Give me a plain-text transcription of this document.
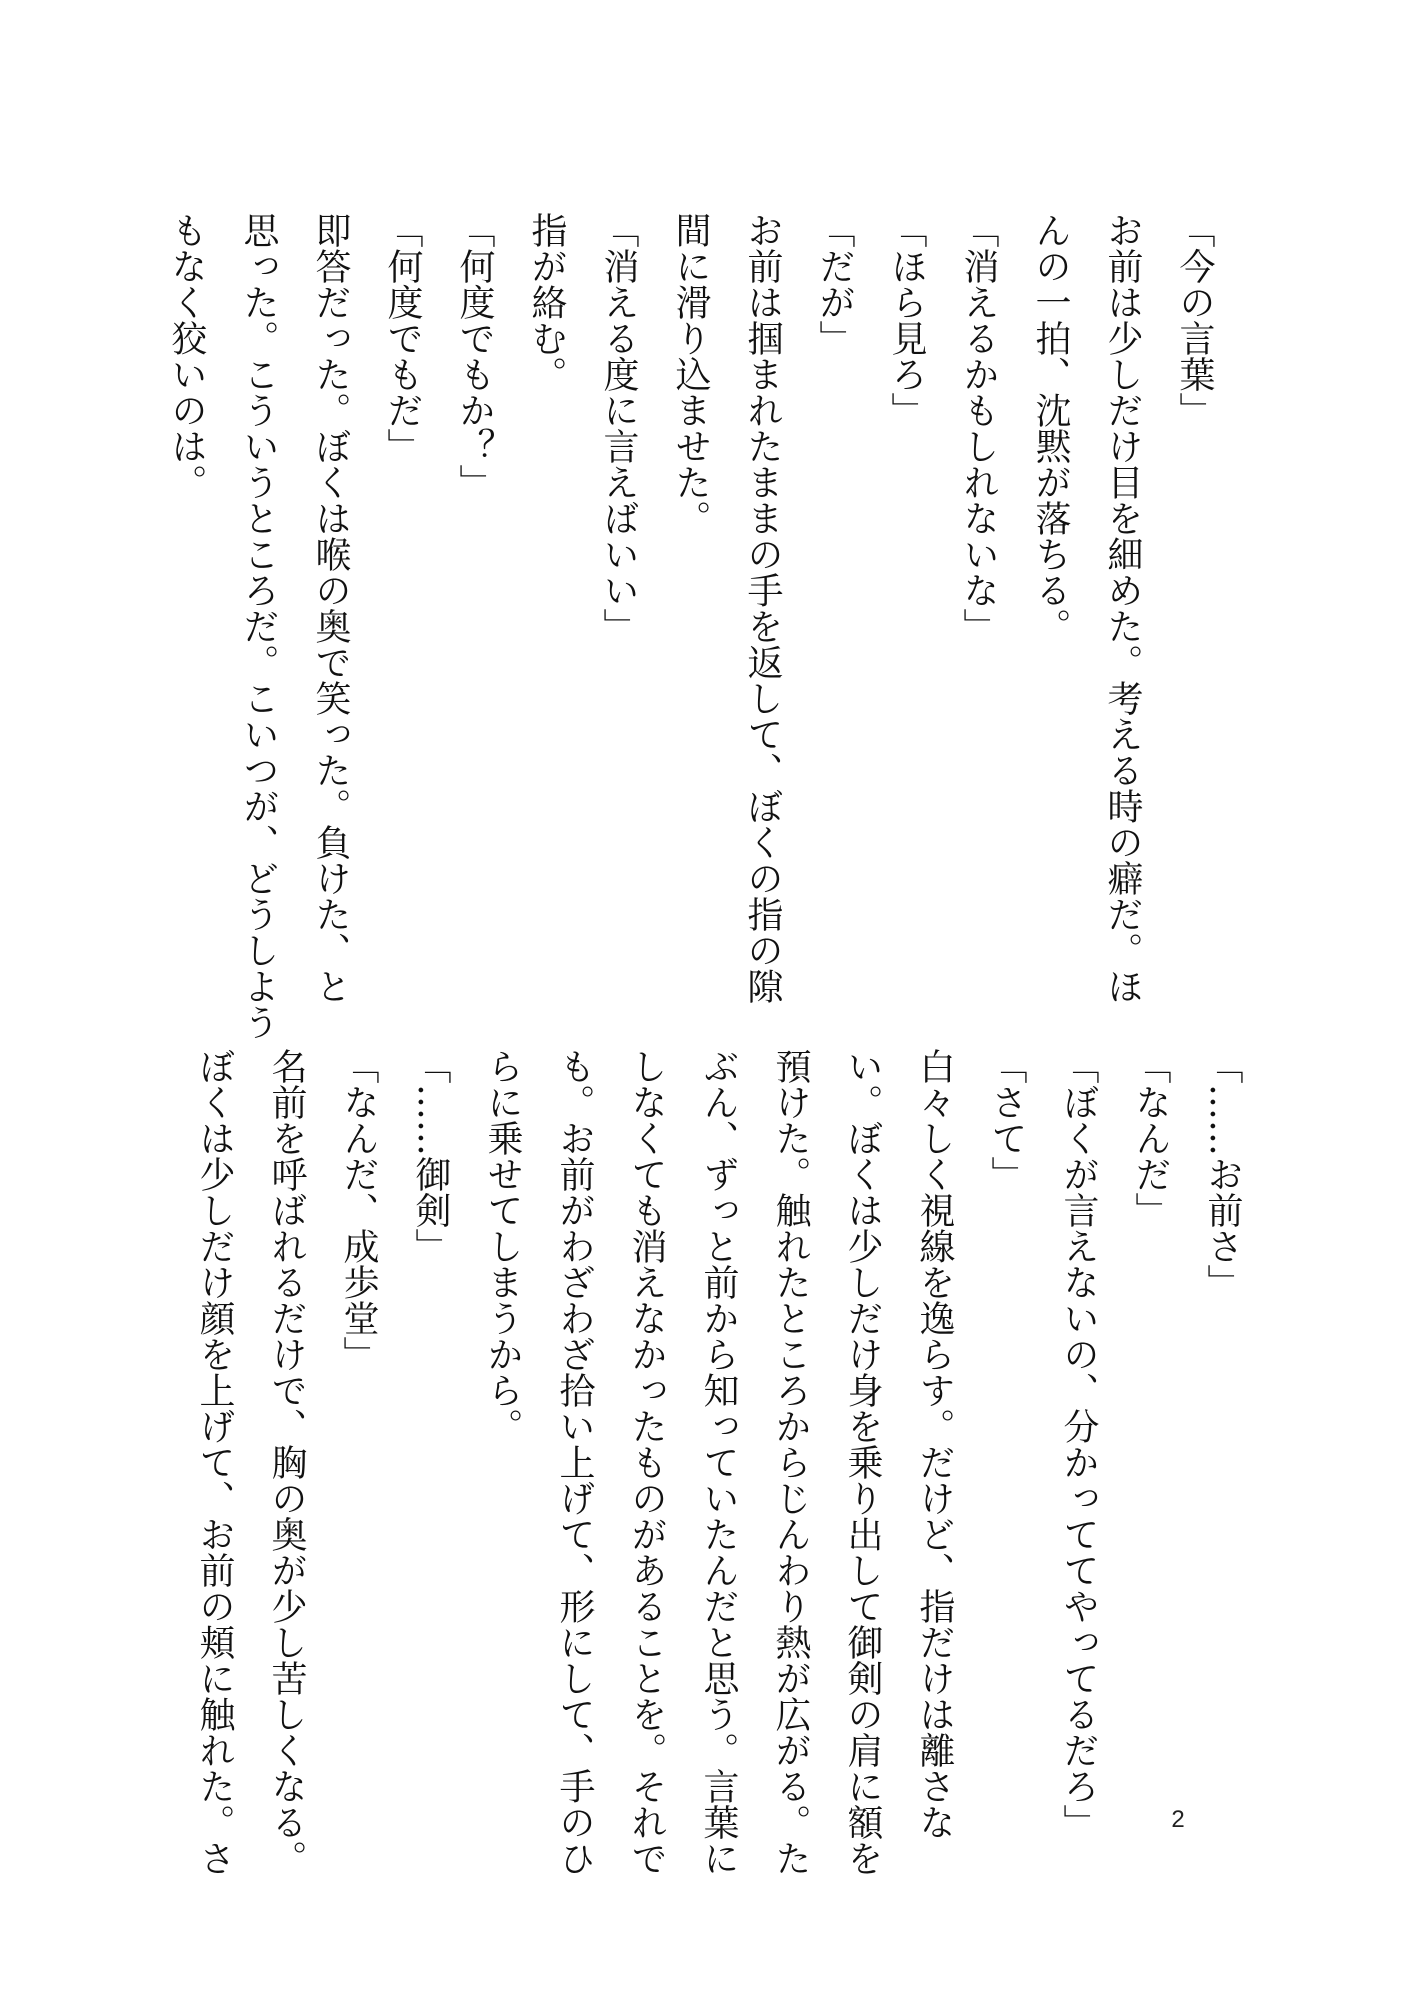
「今の言葉」
お前は少しだけ目を細めた。考える時の癖だ。ほ
んの一拍、沈黙が落ちる。
「消えるかもしれないな」
「ほら見ろ」
「だが」
お前は掴まれたままの手を返して、ぼくの指の隙
間に滑り込ませた。
「消える度に言えばいい」
指が絡む。
「何度でもか？」
「何度でもだ」
即答だった。ぼくは喉の奥で笑った。負けた、と
思った。こういうところだ。こいつが、どうしよう
もなく狡いのは。
「……お前さ」
「なんだ」
「ぼくが言えないの、分かっててやってるだろ」
「さて」
白々しく視線を逸らす。だけど、指だけは離さな
い。ぼくは少しだけ身を乗り出して御剣の肩に額を
預けた。触れたところからじんわり熱が広がる。た
ぶん、ずっと前から知っていたんだと思う。言葉に
しなくても消えなかったものがあることを。それで
も。お前がわざわざ拾い上げて、形にして、手のひ
らに乗せてしまうから。
「……御剣」
「なんだ、成歩堂」
名前を呼ばれるだけで、胸の奥が少し苦しくなる。
ぼくは少しだけ顔を上げて、お前の頬に触れた。さ	2
